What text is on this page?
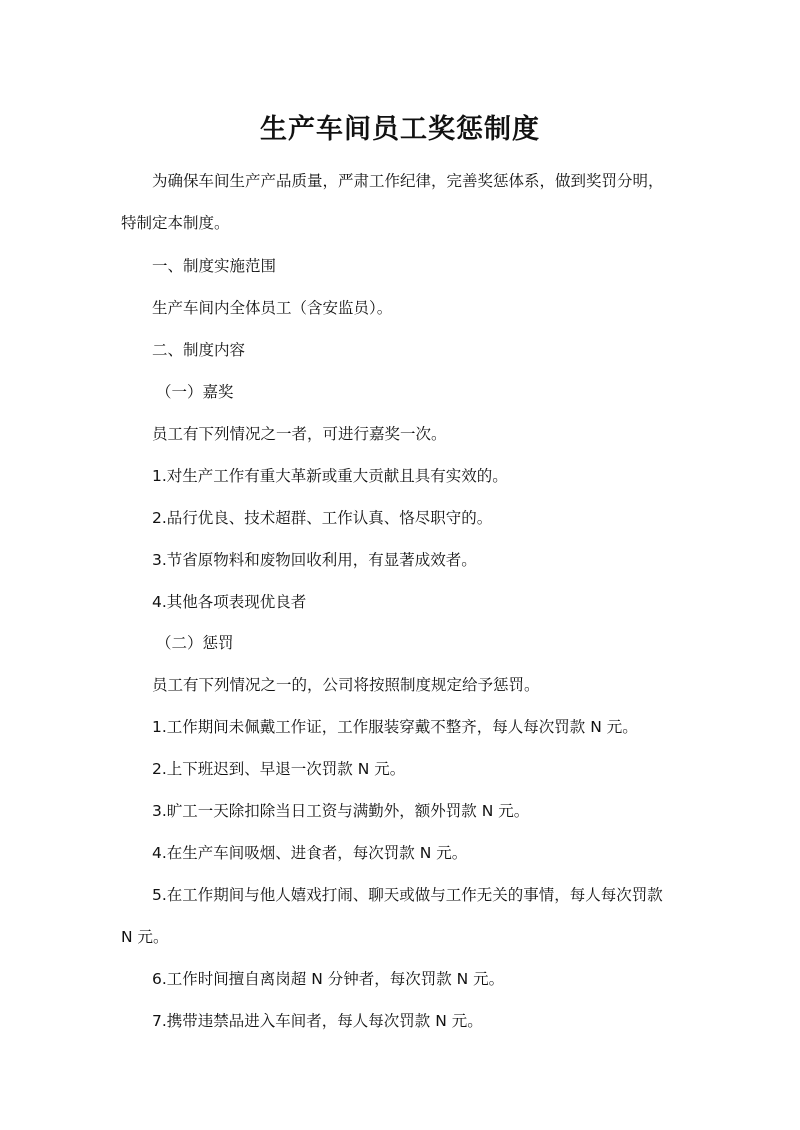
生产车间员工奖惩制度

为确保车间生产产品质量，严肃工作纪律，完善奖惩体系，做到奖罚分明，

特制定本制度。

一、制度实施范围

生产车间内全体员工（含安监员）。

二、制度内容

（一）嘉奖

员工有下列情况之一者，可进行嘉奖一次。

1.对生产工作有重大革新或重大贡献且具有实效的。

2.品行优良、技术超群、工作认真、恪尽职守的。

3.节省原物料和废物回收利用，有显著成效者。

4.其他各项表现优良者

（二）惩罚

员工有下列情况之一的，公司将按照制度规定给予惩罚。

1.工作期间未佩戴工作证，工作服装穿戴不整齐，每人每次罚款 N 元。

2.上下班迟到、早退一次罚款 N 元。

3.旷工一天除扣除当日工资与满勤外，额外罚款 N 元。

4.在生产车间吸烟、进食者，每次罚款 N 元。

5.在工作期间与他人嬉戏打闹、聊天或做与工作无关的事情，每人每次罚款

N 元。

6.工作时间擅自离岗超 N 分钟者，每次罚款 N 元。

7.携带违禁品进入车间者，每人每次罚款 N 元。
